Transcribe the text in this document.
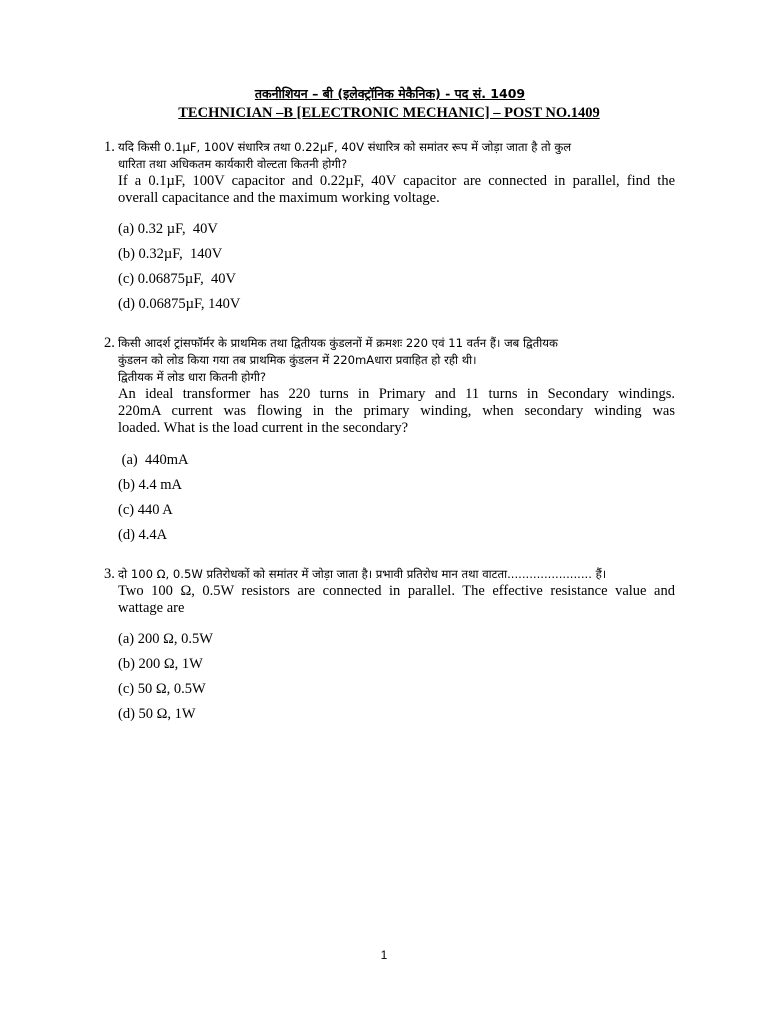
तकनीशियन – बी (इलेक्ट्रॉनिक मेकैनिक) - पद सं. 1409
TECHNICIAN –B [ELECTRONIC MECHANIC] – POST NO.1409
1. यदि किसी 0.1µF, 100V संधारित्र तथा 0.22µF, 40V संधारित्र को समांतर रूप में जोड़ा जाता है तो कुल
धारिता तथा अधिकतम कार्यकारी वोल्टता कितनी होगी?
If a 0.1µF, 100V capacitor and 0.22µF, 40V capacitor are connected in parallel, find the
overall capacitance and the maximum working voltage.
(a) 0.32 µF,  40V
(b) 0.32µF,  140V
(c) 0.06875µF,  40V
(d) 0.06875µF, 140V
2. किसी आदर्श ट्रांसफॉर्मर के प्राथमिक तथा द्वितीयक कुंडलनों में क्रमशः 220 एवं 11 वर्तन हैं। जब द्वितीयक
कुंडलन को लोड किया गया तब प्राथमिक कुंडलन में 220mAधारा प्रवाहित हो रही थी।
द्वितीयक में लोड धारा कितनी होगी?
An ideal transformer has 220 turns in Primary and 11 turns in Secondary windings.
220mA current was flowing in the primary winding, when secondary winding was
loaded. What is the load current in the secondary?
(a)  440mA
(b) 4.4 mA
(c) 440 A
(d) 4.4A
3. दो 100 Ω, 0.5W प्रतिरोधकों को समांतर में जोड़ा जाता है। प्रभावी प्रतिरोध मान तथा वाटता....................... हैं।
Two 100 Ω, 0.5W resistors are connected in parallel. The effective resistance value and
wattage are
(a) 200 Ω, 0.5W
(b) 200 Ω, 1W
(c) 50 Ω, 0.5W
(d) 50 Ω, 1W
1
